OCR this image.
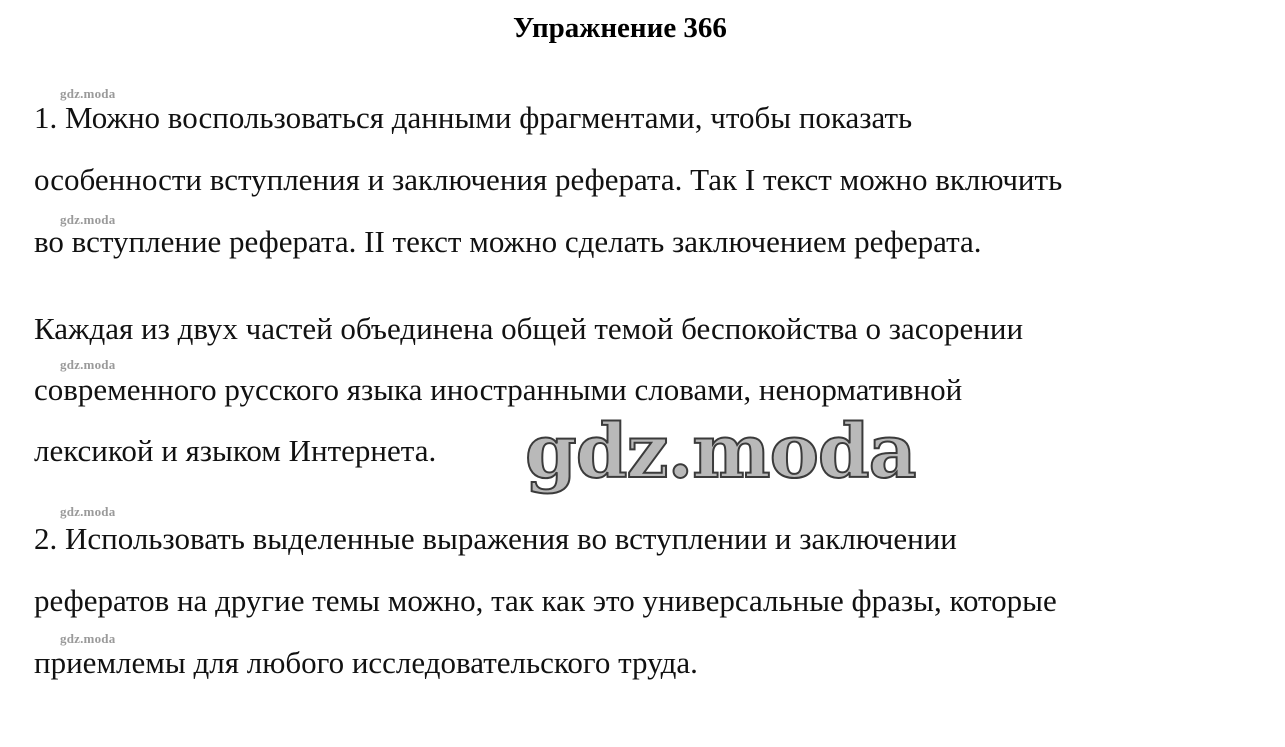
Упражнение 366
gdz.moda
gdz.moda
gdz.moda
gdz.moda
gdz.moda
1. Можно воспользоваться данными фрагментами, чтобы показать
особенности вступления и заключения реферата. Так I текст можно включить
во вступление реферата. II текст можно сделать заключением реферата.
Каждая из двух частей объединена общей темой беспокойства о засорении
современного русского языка иностранными словами, ненормативной
лексикой и языком Интернета.
2. Использовать выделенные выражения во вступлении и заключении
рефератов на другие темы можно, так как это универсальные фразы, которые
приемлемы для любого исследовательского труда.
gdz.moda
